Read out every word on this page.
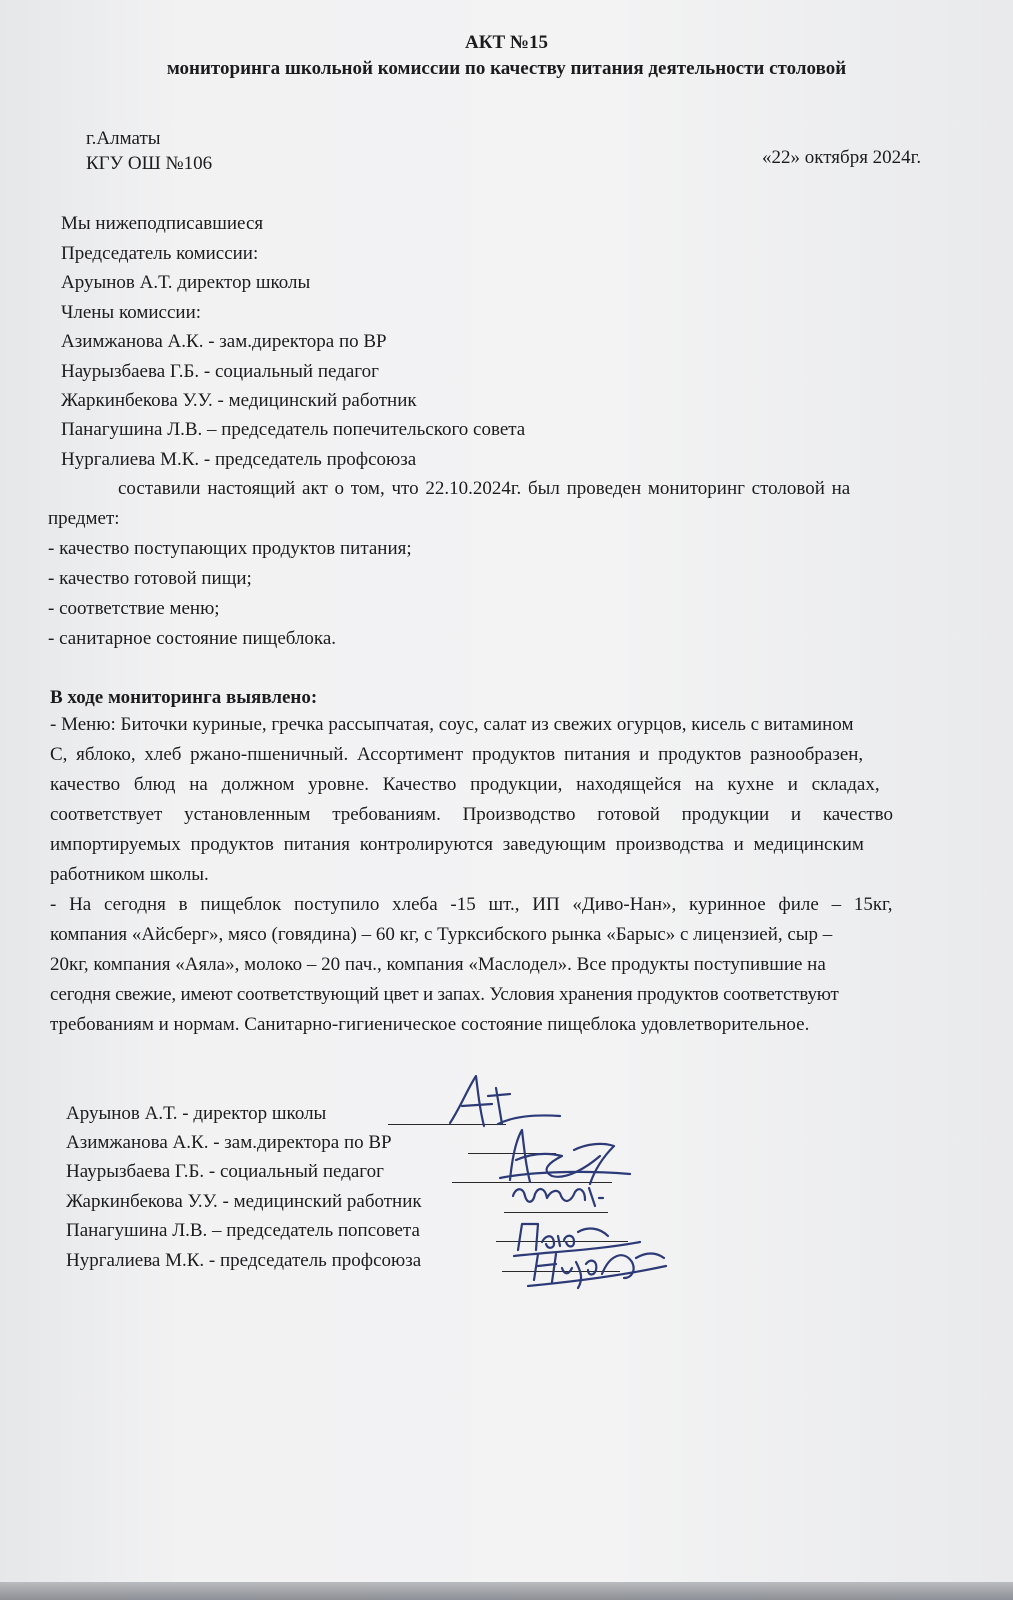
АКТ №15
мониторинга школьной комиссии по качеству питания деятельности столовой
г.Алматы
КГУ ОШ №106	«22» октября 2024г.
Мы нижеподписавшиеся
Председатель комиссии:
Аруынов А.Т. директор школы
Члены комиссии:
Азимжанова А.К. - зам.директора по ВР
Наурызбаева Г.Б. - социальный педагог
Жаркинбекова У.У. - медицинский работник
Панагушина Л.В. – председатель попечительского совета
Нургалиева М.К. - председатель профсоюза
составили настоящий акт о том, что 22.10.2024г. был проведен мониторинг столовой на
предмет:
- качество поступающих продуктов питания;
- качество готовой пищи;
- соответствие меню;
- санитарное состояние пищеблока.
В ходе мониторинга выявлено:
- Меню: Биточки куриные, гречка рассыпчатая, соус, салат из свежих огурцов, кисель с витамином
С, яблоко, хлеб ржано-пшеничный. Ассортимент продуктов питания и продуктов разнообразен,
качество блюд на должном уровне. Качество продукции, находящейся на кухне и складах,
соответствует установленным требованиям. Производство готовой продукции и качество
импортируемых продуктов питания контролируются заведующим производства и медицинским
работником школы.
- На сегодня в пищеблок поступило хлеба -15 шт., ИП «Диво-Нан», куринное филе – 15кг,
компания «Айсберг», мясо (говядина) – 60 кг, с Турксибского рынка «Барыс» с лицензией, сыр –
20кг, компания «Аяла», молоко – 20 пач., компания «Маслодел». Все продукты поступившие на
сегодня свежие, имеют соответствующий цвет и запах. Условия хранения продуктов соответствуют
требованиям и нормам. Санитарно-гигиеническое состояние пищеблока удовлетворительное.
Аруынов А.Т. - директор школы
Азимжанова А.К. - зам.директора по ВР
Наурызбаева Г.Б. - социальный педагог
Жаркинбекова У.У. - медицинский работник
Панагушина Л.В. – председатель попсовета
Нургалиева М.К. - председатель профсоюза
